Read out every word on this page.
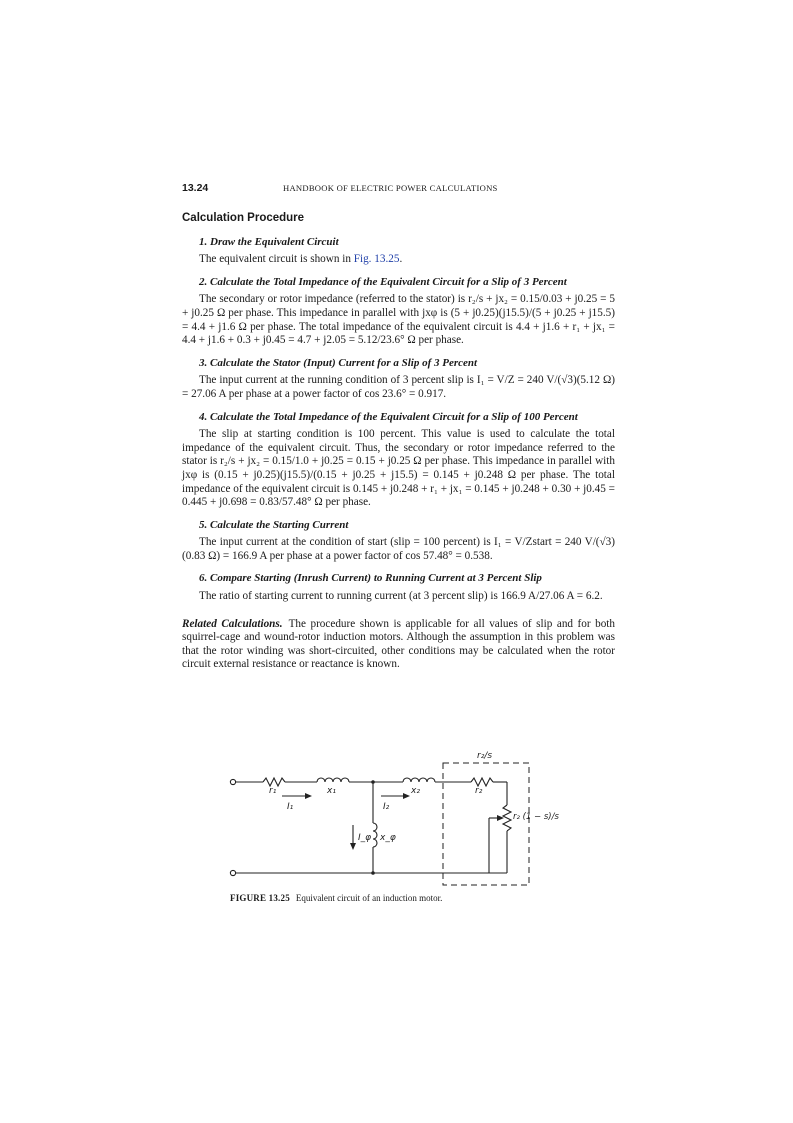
13.24	HANDBOOK OF ELECTRIC POWER CALCULATIONS
Calculation Procedure
1. Draw the Equivalent Circuit

The equivalent circuit is shown in Fig. 13.25.

2. Calculate the Total Impedance of the Equivalent Circuit for a Slip of 3 Percent

The secondary or rotor impedance (referred to the stator) is r₂/s + jx₂ = 0.15/0.03 + j0.25 = 5 + j0.25 Ω per phase. This impedance in parallel with jxφ is (5 + j0.25)(j15.5)/(5 + j0.25 + j15.5) = 4.4 + j1.6 Ω per phase. The total impedance of the equivalent circuit is 4.4 + j1.6 + r₁ + jx₁ = 4.4 + j1.6 + 0.3 + j0.45 = 4.7 + j2.05 = 5.12/23.6° Ω per phase.

3. Calculate the Stator (Input) Current for a Slip of 3 Percent

The input current at the running condition of 3 percent slip is I₁ = V/Z = 240 V/(√3)(5.12 Ω) = 27.06 A per phase at a power factor of cos 23.6° = 0.917.

4. Calculate the Total Impedance of the Equivalent Circuit for a Slip of 100 Percent

The slip at starting condition is 100 percent. This value is used to calculate the total impedance of the equivalent circuit. Thus, the secondary or rotor impedance referred to the stator is r₂/s + jx₂ = 0.15/1.0 + j0.25 = 0.15 + j0.25 Ω per phase. This impedance in parallel with jxφ is (0.15 + j0.25)(j15.5)/(0.15 + j0.25 + j15.5) = 0.145 + j0.248 Ω per phase. The total impedance of the equivalent circuit is 0.145 + j0.248 + r₁ + jx₁ = 0.145 + j0.248 + 0.30 + j0.45 = 0.445 + j0.698 = 0.83/57.48° Ω per phase.

5. Calculate the Starting Current

The input current at the condition of start (slip = 100 percent) is I₁ = V/Zstart = 240 V/(√3)(0.83 Ω) = 166.9 A per phase at a power factor of cos 57.48° = 0.538.

6. Compare Starting (Inrush Current) to Running Current at 3 Percent Slip

The ratio of starting current to running current (at 3 percent slip) is 166.9 A/27.06 A = 6.2.

Related Calculations. The procedure shown is applicable for all values of slip and for both squirrel-cage and wound-rotor induction motors. Although the assumption in this problem was that the rotor winding was short-circuited, other conditions may be calculated when the rotor circuit external resistance or reactance is known.

r₁	x₁
I₁
x₂
I₂
r₂
r₂/s
r₂ (1 − s)/s
I_φ x_φ
FIGURE 13.25 Equivalent circuit of an induction motor.
